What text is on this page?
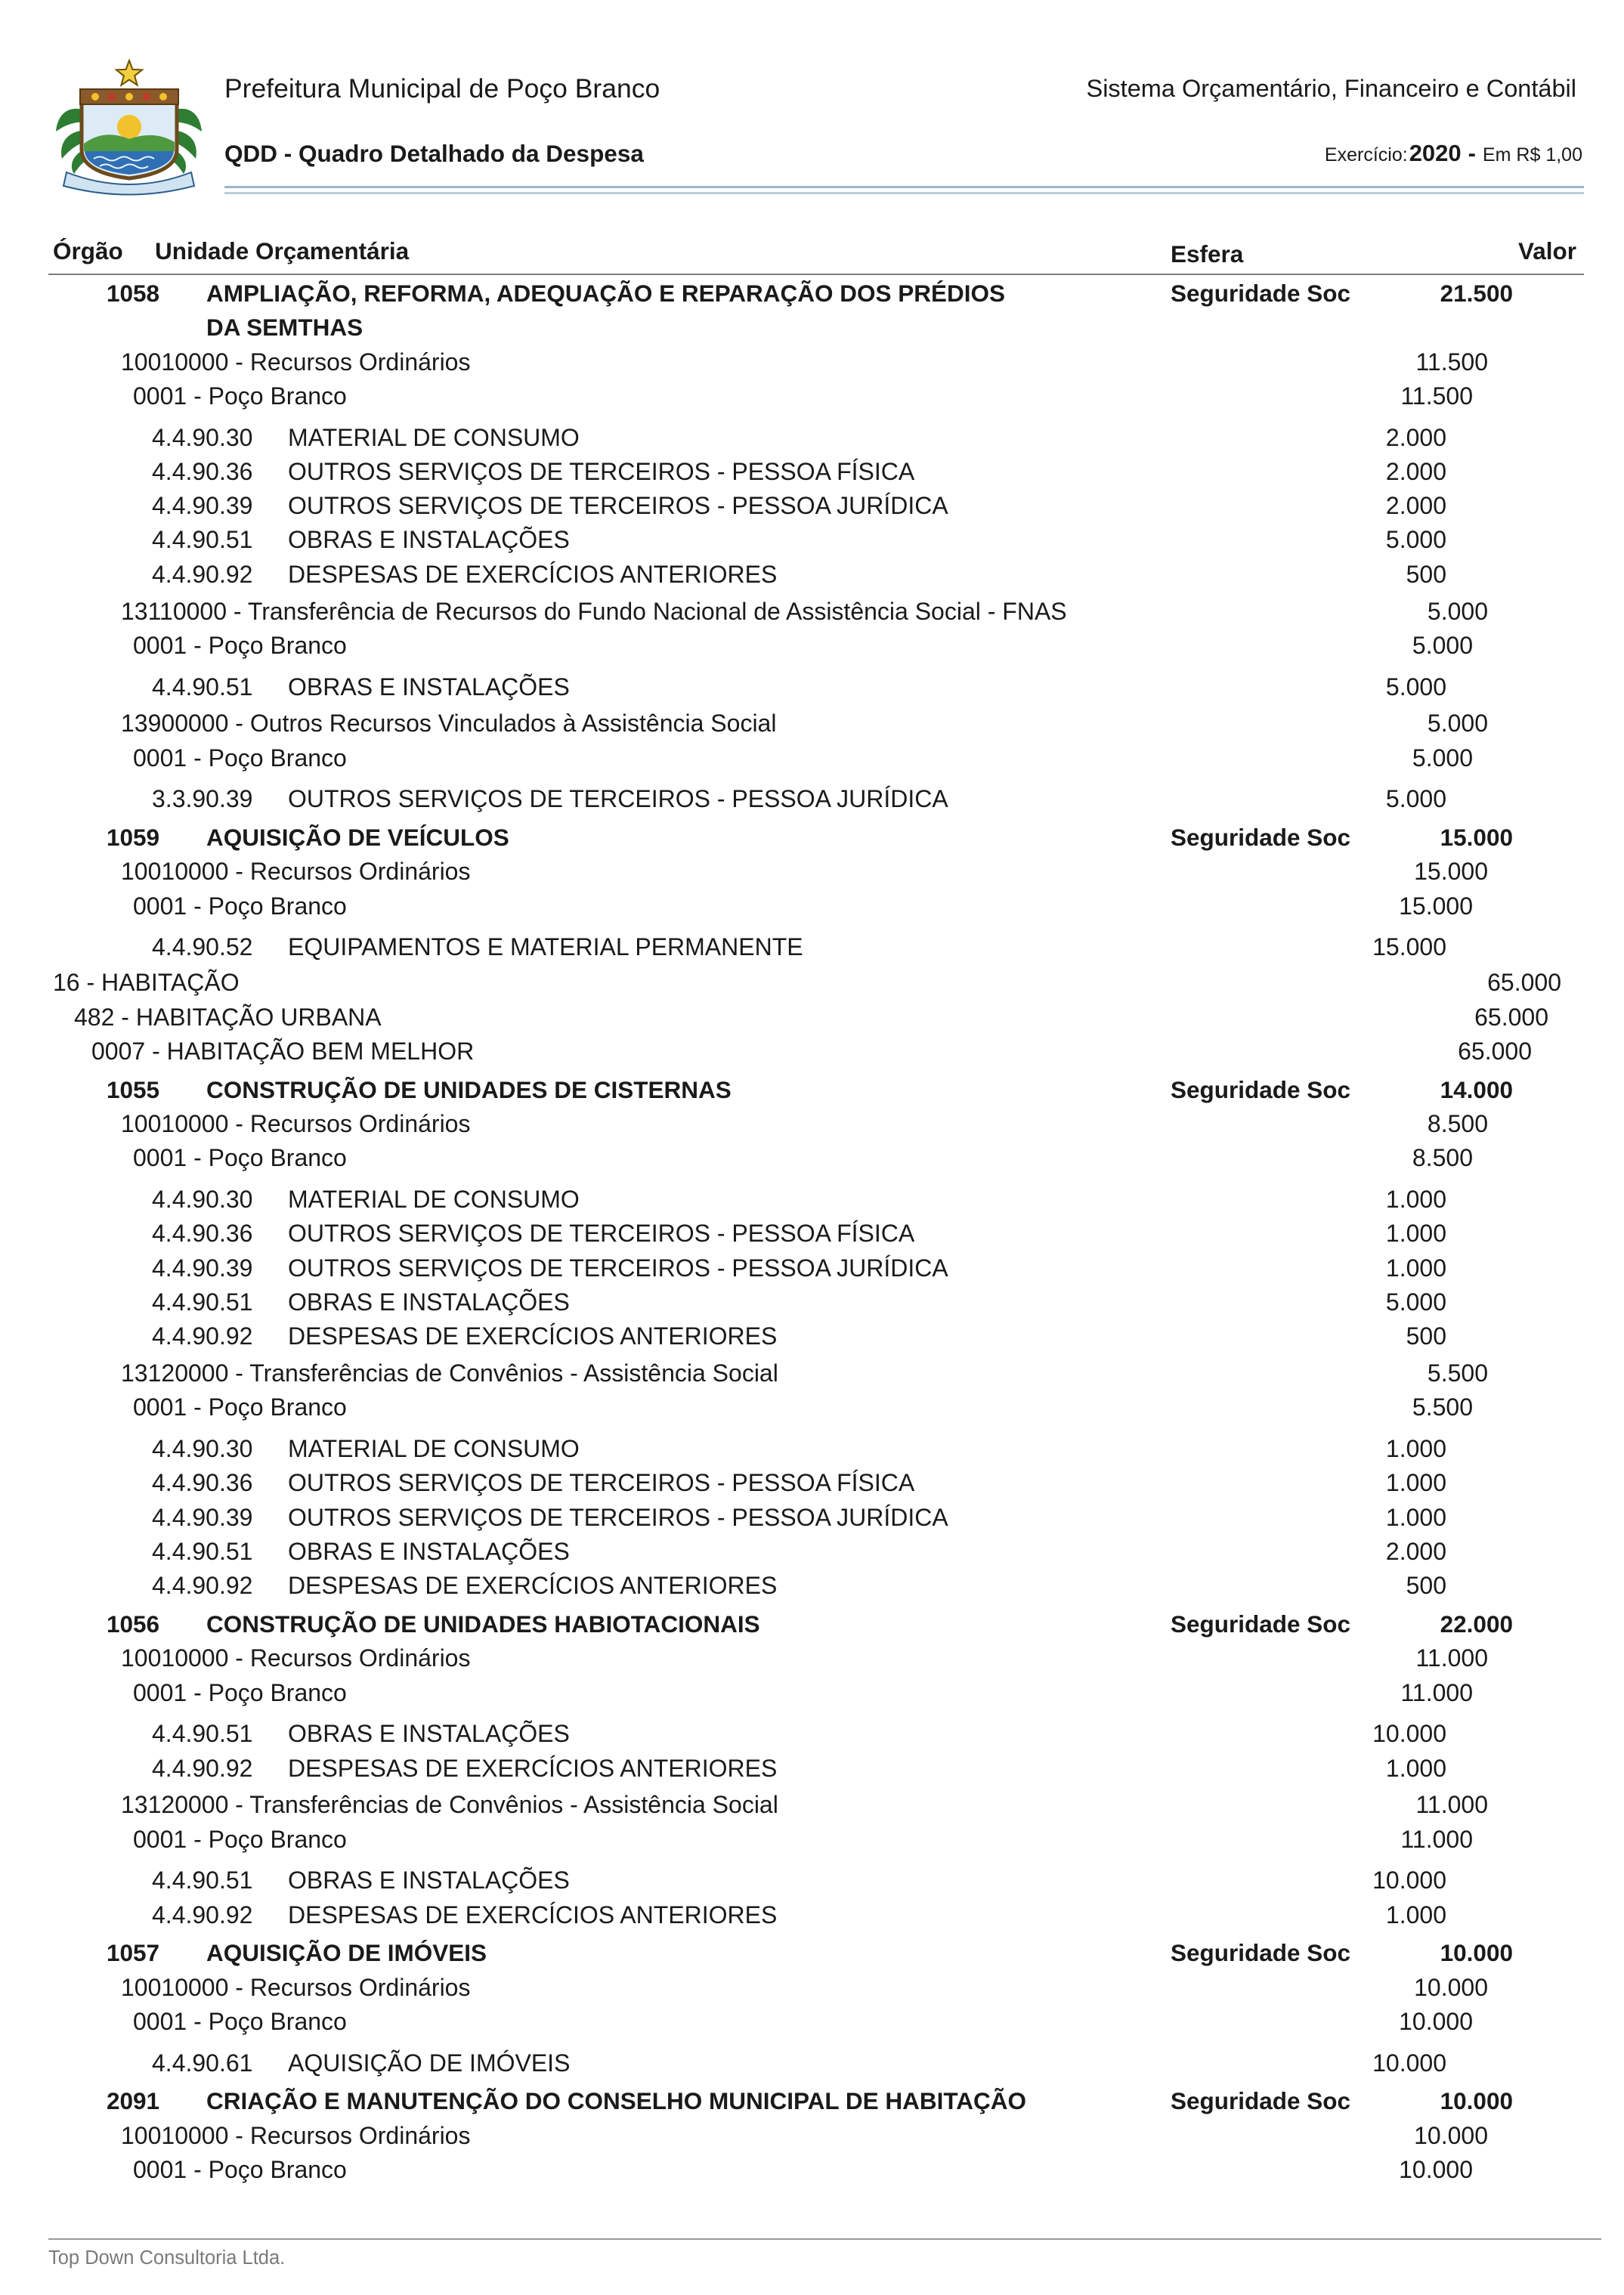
Prefeitura Municipal de Poço Branco	Sistema Orçamentário, Financeiro e Contábil
QDD - Quadro Detalhado da Despesa	Exercício: 2020 - Em R$ 1,00
Órgão Unidade Orçamentária	Esfera	Valor
1058 AMPLIAÇÃO, REFORMA, ADEQUAÇÃO E REPARAÇÃO DOS PRÉDIOS	Seguridade Soc	21.500
DA SEMTHAS
10010000 - Recursos Ordinários	11.500
0001 - Poço Branco	11.500
4.4.90.30 MATERIAL DE CONSUMO	2.000
4.4.90.36 OUTROS SERVIÇOS DE TERCEIROS - PESSOA FÍSICA	2.000
4.4.90.39 OUTROS SERVIÇOS DE TERCEIROS - PESSOA JURÍDICA	2.000
4.4.90.51 OBRAS E INSTALAÇÕES	5.000
4.4.90.92 DESPESAS DE EXERCÍCIOS ANTERIORES	500
13110000 - Transferência de Recursos do Fundo Nacional de Assistência Social - FNAS	5.000
0001 - Poço Branco	5.000
4.4.90.51 OBRAS E INSTALAÇÕES	5.000
13900000 - Outros Recursos Vinculados à Assistência Social	5.000
0001 - Poço Branco	5.000
3.3.90.39 OUTROS SERVIÇOS DE TERCEIROS - PESSOA JURÍDICA	5.000
1059 AQUISIÇÃO DE VEÍCULOS	Seguridade Soc	15.000
10010000 - Recursos Ordinários	15.000
0001 - Poço Branco	15.000
4.4.90.52 EQUIPAMENTOS E MATERIAL PERMANENTE	15.000
16 - HABITAÇÃO	65.000
482 - HABITAÇÃO URBANA	65.000
0007 - HABITAÇÃO BEM MELHOR	65.000
1055 CONSTRUÇÃO DE UNIDADES DE CISTERNAS	Seguridade Soc	14.000
10010000 - Recursos Ordinários	8.500
0001 - Poço Branco	8.500
4.4.90.30 MATERIAL DE CONSUMO	1.000
4.4.90.36 OUTROS SERVIÇOS DE TERCEIROS - PESSOA FÍSICA	1.000
4.4.90.39 OUTROS SERVIÇOS DE TERCEIROS - PESSOA JURÍDICA	1.000
4.4.90.51 OBRAS E INSTALAÇÕES	5.000
4.4.90.92 DESPESAS DE EXERCÍCIOS ANTERIORES	500
13120000 - Transferências de Convênios - Assistência Social	5.500
0001 - Poço Branco	5.500
4.4.90.30 MATERIAL DE CONSUMO	1.000
4.4.90.36 OUTROS SERVIÇOS DE TERCEIROS - PESSOA FÍSICA	1.000
4.4.90.39 OUTROS SERVIÇOS DE TERCEIROS - PESSOA JURÍDICA	1.000
4.4.90.51 OBRAS E INSTALAÇÕES	2.000
4.4.90.92 DESPESAS DE EXERCÍCIOS ANTERIORES	500
1056 CONSTRUÇÃO DE UNIDADES HABIOTACIONAIS	Seguridade Soc	22.000
10010000 - Recursos Ordinários	11.000
0001 - Poço Branco	11.000
4.4.90.51 OBRAS E INSTALAÇÕES	10.000
4.4.90.92 DESPESAS DE EXERCÍCIOS ANTERIORES	1.000
13120000 - Transferências de Convênios - Assistência Social	11.000
0001 - Poço Branco	11.000
4.4.90.51 OBRAS E INSTALAÇÕES	10.000
4.4.90.92 DESPESAS DE EXERCÍCIOS ANTERIORES	1.000
1057 AQUISIÇÃO DE IMÓVEIS	Seguridade Soc	10.000
10010000 - Recursos Ordinários	10.000
0001 - Poço Branco	10.000
4.4.90.61 AQUISIÇÃO DE IMÓVEIS	10.000
2091 CRIAÇÃO E MANUTENÇÃO DO CONSELHO MUNICIPAL DE HABITAÇÃO	Seguridade Soc	10.000
10010000 - Recursos Ordinários	10.000
0001 - Poço Branco	10.000
Top Down Consultoria Ltda.
